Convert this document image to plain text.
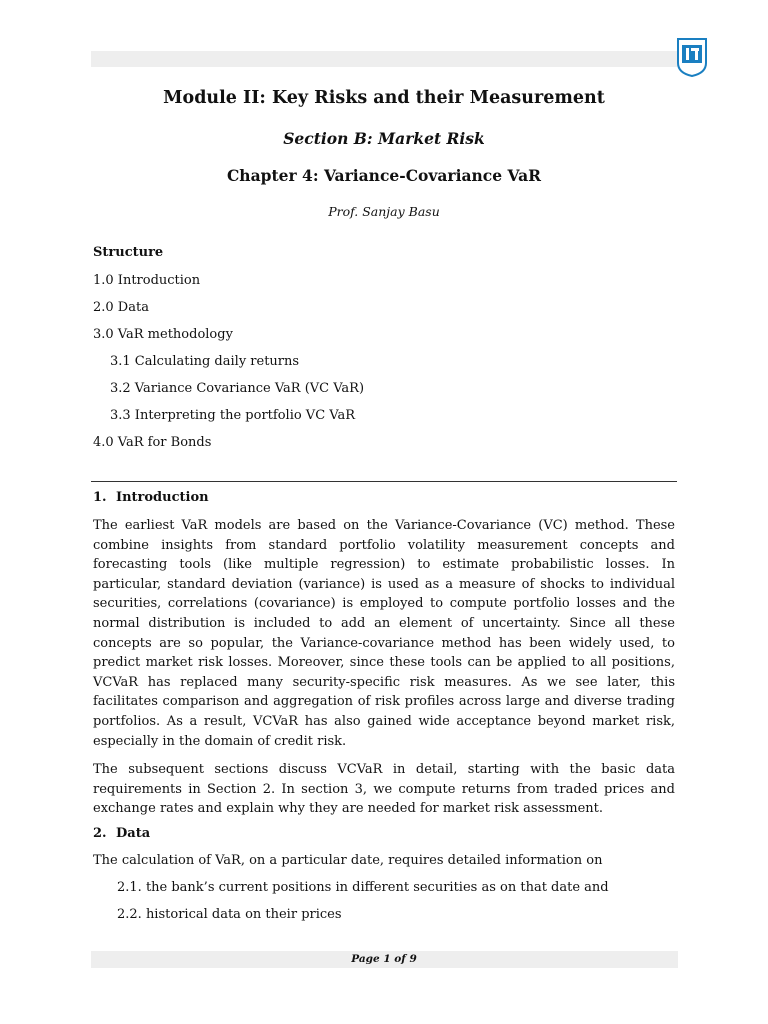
Module II: Key Risks and their Measurement
Section B: Market Risk
Chapter 4: Variance-Covariance VaR
Prof. Sanjay Basu
Structure
1.0 Introduction
2.0 Data
3.0 VaR methodology
3.1 Calculating daily returns
3.2 Variance Covariance VaR (VC VaR)
3.3 Interpreting the portfolio VC VaR
4.0 VaR for Bonds
1. Introduction

The earliest VaR models are based on the Variance-Covariance (VC) method. These combine insights from standard portfolio volatility measurement concepts and forecasting tools (like multiple regression) to estimate probabilistic losses. In particular, standard deviation (variance) is used as a measure of shocks to individual securities, correlations (covariance) is employed to compute portfolio losses and the normal distribution is included to add an element of uncertainty. Since all these concepts are so popular, the Variance-covariance method has been widely used, to predict market risk losses. Moreover, since these tools can be applied to all positions, VCVaR has replaced many security-specific risk measures. As we see later, this facilitates comparison and aggregation of risk profiles across large and diverse trading portfolios. As a result, VCVaR has also gained wide acceptance beyond market risk, especially in the domain of credit risk.

The subsequent sections discuss VCVaR in detail, starting with the basic data requirements in Section 2. In section 3, we compute returns from traded prices and exchange rates and explain why they are needed for market risk assessment.

2. Data
The calculation of VaR, on a particular date, requires detailed information on
2.1. the bank’s current positions in different securities as on that date and
2.2. historical data on their prices
Page 1 of 9
